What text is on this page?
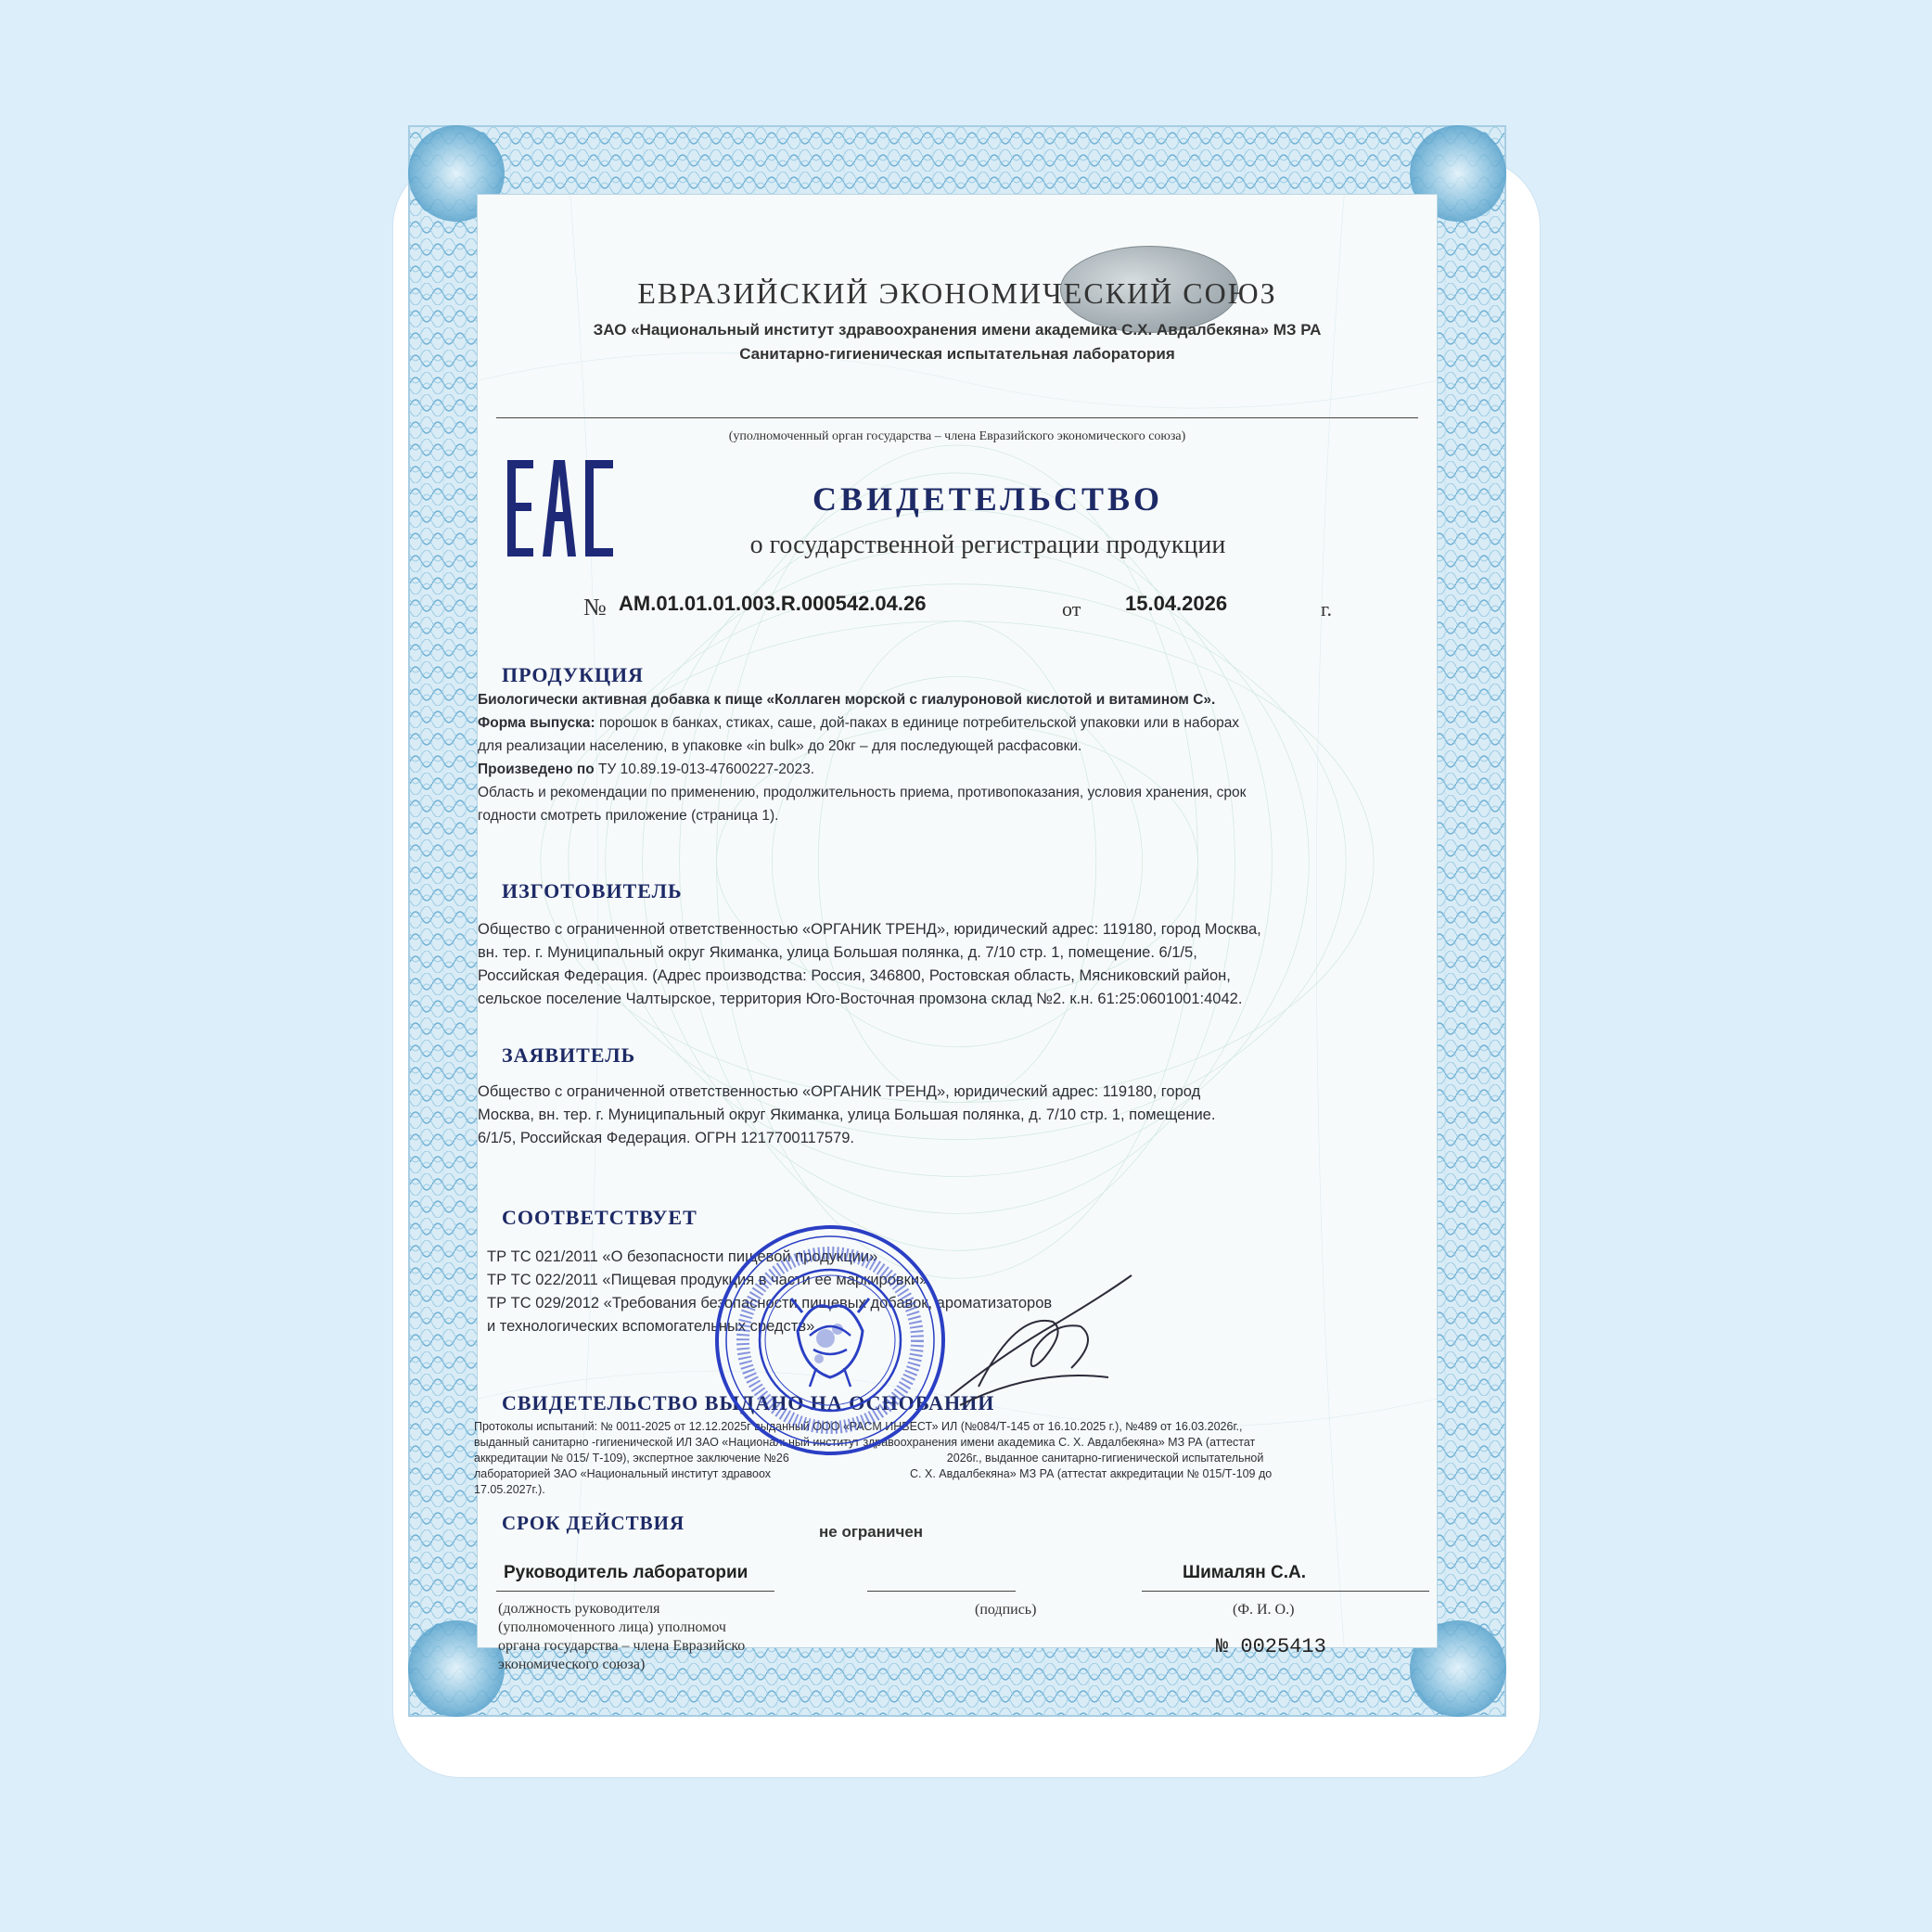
ЕВРАЗИЙСКИЙ ЭКОНОМИЧЕСКИЙ СОЮЗ
ЗАО «Национальный институт здравоохранения имени академика С.Х. Авдалбекяна» МЗ РА
Санитарно-гигиеническая испытательная лаборатория
(уполномоченный орган государства – члена Евразийского экономического союза)
СВИДЕТЕЛЬСТВО
о государственной регистрации продукции
№ AM.01.01.01.003.R.000542.04.26	от 15.04.2026	г.
ПРОДУКЦИЯ
Биологически активная добавка к пище «Коллаген морской с гиалуроновой кислотой и витамином С».
Форма выпуска: порошок в банках, стиках, саше, дой-паках в единице потребительской упаковки или в наборах
для реализации населению, в упаковке «in bulk» до 20кг – для последующей расфасовки.
Произведено по ТУ 10.89.19-013-47600227-2023.
Область и рекомендации по применению, продолжительность приема, противопоказания, условия хранения, срок
годности смотреть приложение (страница 1).
ИЗГОТОВИТЕЛЬ
Общество с ограниченной ответственностью «ОРГАНИК ТРЕНД», юридический адрес: 119180, город Москва,
вн. тер. г. Муниципальный округ Якиманка, улица Большая полянка, д. 7/10 стр. 1, помещение. 6/1/5,
Российская Федерация. (Адрес производства: Россия, 346800, Ростовская область, Мясниковский район,
сельское поселение Чалтырское, территория Юго-Восточная промзона склад №2. к.н. 61:25:0601001:4042.
ЗАЯВИТЕЛЬ
Общество с ограниченной ответственностью «ОРГАНИК ТРЕНД», юридический адрес: 119180, город
Москва, вн. тер. г. Муниципальный округ Якиманка, улица Большая полянка, д. 7/10 стр. 1, помещение.
6/1/5, Российская Федерация. ОГРН 1217700117579.
СООТВЕТСТВУЕТ
ТР ТС 021/2011 «О безопасности пищевой продукции»
ТР ТС 022/2011 «Пищевая продукция в части ее маркировки»
ТР ТС 029/2012 «Требования безопасности пищевых добавок, ароматизаторов
и технологических вспомогательных средств»
СВИДЕТЕЛЬСТВО ВЫДАНО НА ОСНОВАНИИ
Протоколы испытаний: № 0011-2025 от 12.12.2025г выданный ООО «РАСМ ИНВЕСТ» ИЛ (№084/Т-145 от 16.10.2025 г.), №489 от 16.03.2026г.,
выданный санитарно -гигиенической ИЛ ЗАО «Национальный институт здравоохранения имени академика С. Х. Авдалбекяна» МЗ РА (аттестат
аккредитации № 015/ Т-109), экспертное заключение №26	2026г., выданное санитарно-гигиенической испытательной
лабораторией ЗАО «Национальный институт здравоох	С. Х. Авдалбекяна» МЗ РА (аттестат аккредитации № 015/Т-109 до
17.05.2027г.).
СРОК ДЕЙСТВИЯ	не ограничен
Руководитель лаборатории	Шималян С.А.
(должность руководителя
(уполномоченного лица) уполномоч
органа государства – члена Евразийско
экономического союза)
(подпись)	(Ф. И. О.)
№ 0025413
